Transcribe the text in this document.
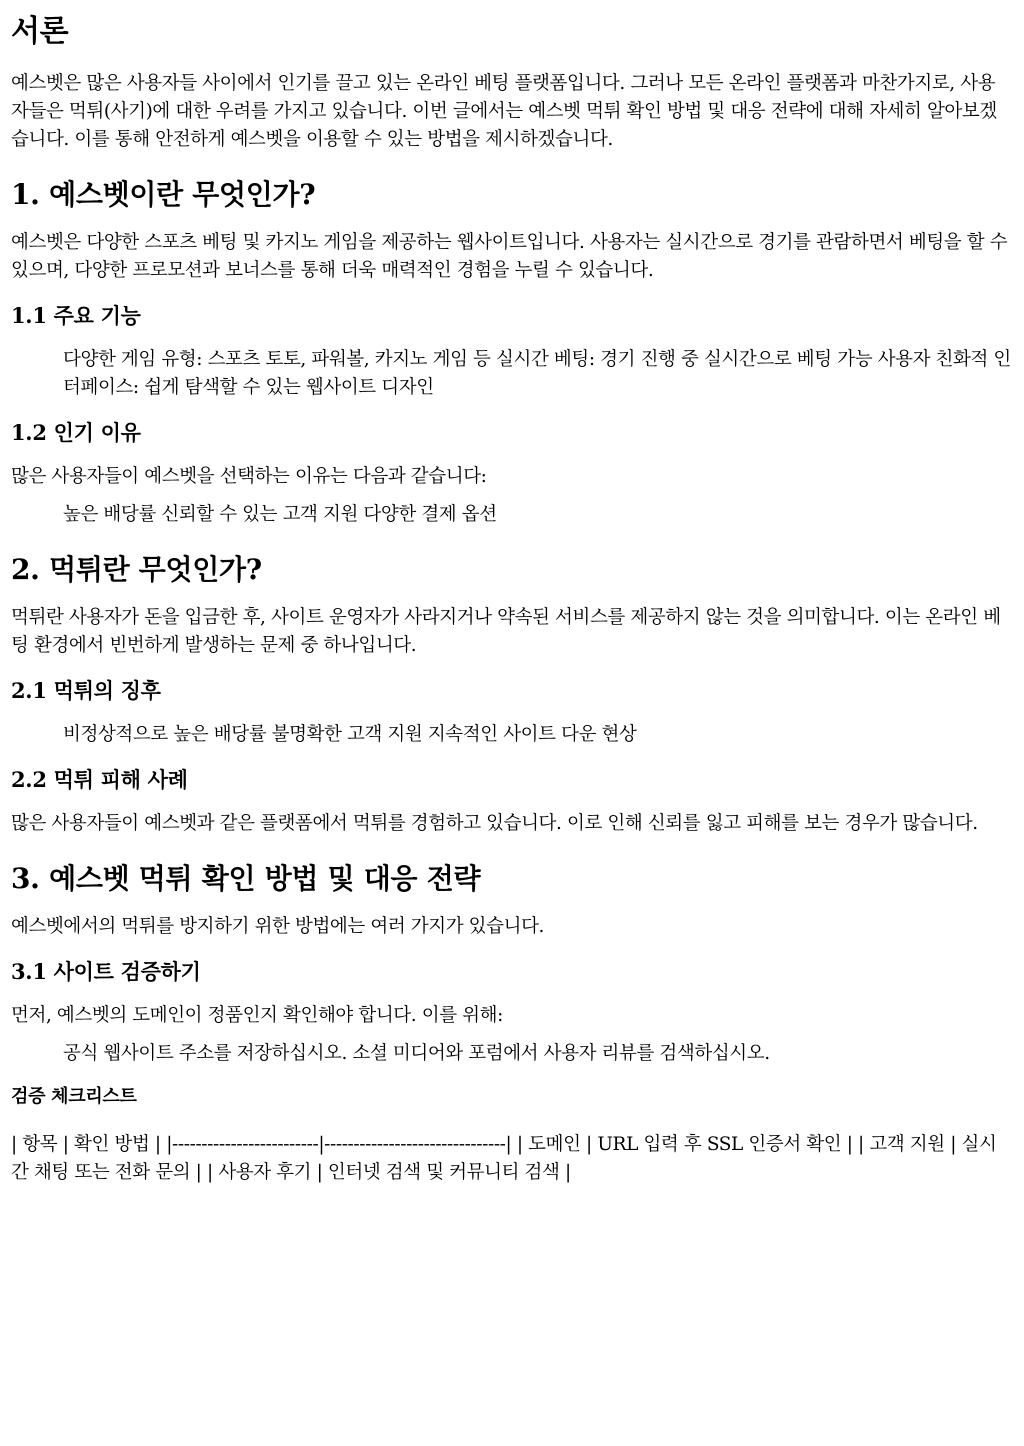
서론

예스벳은 많은 사용자들 사이에서 인기를 끌고 있는 온라인 베팅 플랫폼입니다. 그러나 모든 온라인 플랫폼과 마찬가지로, 사용자들은 먹튀(사기)에 대한 우려를 가지고 있습니다. 이번 글에서는 예스벳 먹튀 확인 방법 및 대응 전략에 대해 자세히 알아보겠습니다. 이를 통해 안전하게 예스벳을 이용할 수 있는 방법을 제시하겠습니다.

1. 예스벳이란 무엇인가?

예스벳은 다양한 스포츠 베팅 및 카지노 게임을 제공하는 웹사이트입니다. 사용자는 실시간으로 경기를 관람하면서 베팅을 할 수 있으며, 다양한 프로모션과 보너스를 통해 더욱 매력적인 경험을 누릴 수 있습니다.

1.1 주요 기능

다양한 게임 유형: 스포츠 토토, 파워볼, 카지노 게임 등 실시간 베팅: 경기 진행 중 실시간으로 베팅 가능 사용자 친화적 인터페이스: 쉽게 탐색할 수 있는 웹사이트 디자인

1.2 인기 이유

많은 사용자들이 예스벳을 선택하는 이유는 다음과 같습니다:

높은 배당률 신뢰할 수 있는 고객 지원 다양한 결제 옵션

2. 먹튀란 무엇인가?

먹튀란 사용자가 돈을 입금한 후, 사이트 운영자가 사라지거나 약속된 서비스를 제공하지 않는 것을 의미합니다. 이는 온라인 베팅 환경에서 빈번하게 발생하는 문제 중 하나입니다.

2.1 먹튀의 징후

비정상적으로 높은 배당률 불명확한 고객 지원 지속적인 사이트 다운 현상

2.2 먹튀 피해 사례

많은 사용자들이 예스벳과 같은 플랫폼에서 먹튀를 경험하고 있습니다. 이로 인해 신뢰를 잃고 피해를 보는 경우가 많습니다.

3. 예스벳 먹튀 확인 방법 및 대응 전략

예스벳에서의 먹튀를 방지하기 위한 방법에는 여러 가지가 있습니다.

3.1 사이트 검증하기

먼저, 예스벳의 도메인이 정품인지 확인해야 합니다. 이를 위해:

공식 웹사이트 주소를 저장하십시오. 소셜 미디어와 포럼에서 사용자 리뷰를 검색하십시오.

검증 체크리스트

| 항목 | 확인 방법 | |-------------------------|-------------------------------| | 도메인 | URL 입력 후 SSL 인증서 확인 | | 고객 지원 | 실시간 채팅 또는 전화 문의 | | 사용자 후기 | 인터넷 검색 및 커뮤니티 검색 |
